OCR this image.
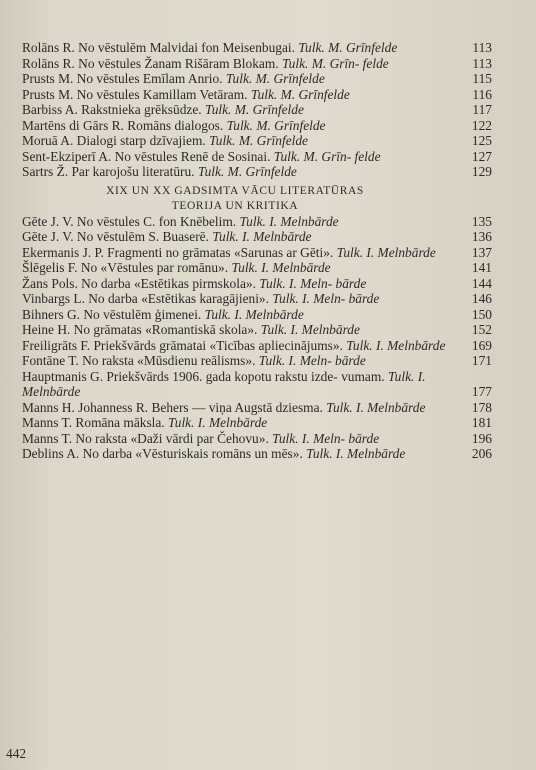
Rolāns R. No vēstulēm Malvidai fon Meisenbugai. Tulk. M. Grīnfelde	113
Rolāns R. No vēstules Žanam Rišāram Blokam. Tulk. M. Grīn- felde	113
Prusts M. No vēstules Emīlam Anrio. Tulk. M. Grīnfelde	115
Prusts M. No vēstules Kamillam Vetāram. Tulk. M. Grīnfelde	116
Barbiss A. Rakstnieka grēksūdze. Tulk. M. Grīnfelde	117
Martēns di Gārs R. Romāns dialogos. Tulk. M. Grīnfelde	122
Moruā A. Dialogi starp dzīvajiem. Tulk. M. Grīnfelde	125
Sent-Ekziperī A. No vēstules Renē de Sosinai. Tulk. M. Grīn- felde	127
Sartrs Ž. Par karojošu literatūru. Tulk. M. Grīnfelde	129
XIX UN XX GADSIMTA VĀCU LITERATŪRAS
TEORIJA UN KRITIKA
Gēte J. V. No vēstules C. fon Knēbelim. Tulk. I. Melnbārde	135
Gēte J. V. No vēstulēm S. Buaserē. Tulk. I. Melnbārde	136
Ekermanis J. P. Fragmenti no grāmatas «Sarunas ar Gēti». Tulk. I. Melnbārde	137
Šlēgelis F. No «Vēstules par romānu». Tulk. I. Melnbārde	141
Žans Pols. No darba «Estētikas pirmskola». Tulk. I. Meln- bārde	144
Vinbargs L. No darba «Estētikas karagājieni». Tulk. I. Meln- bārde	146
Bihners G. No vēstulēm ģimenei. Tulk. I. Melnbārde	150
Heine H. No grāmatas «Romantiskā skola». Tulk. I. Melnbārde	152
Freiligrāts F. Priekšvārds grāmatai «Ticības apliecinājums». Tulk. I. Melnbārde	169
Fontāne T. No raksta «Mūsdienu reālisms». Tulk. I. Meln- bārde	171
Hauptmanis G. Priekšvārds 1906. gada kopotu rakstu izde- vumam. Tulk. I. Melnbārde	177
Manns H. Johanness R. Behers — viņa Augstā dziesma. Tulk. I. Melnbārde	178
Manns T. Romāna māksla. Tulk. I. Melnbārde	181
Manns T. No raksta «Daži vārdi par Čehovu». Tulk. I. Meln- bārde	196
Deblins A. No darba «Vēsturiskais romāns un mēs». Tulk. I. Melnbārde	206
442
